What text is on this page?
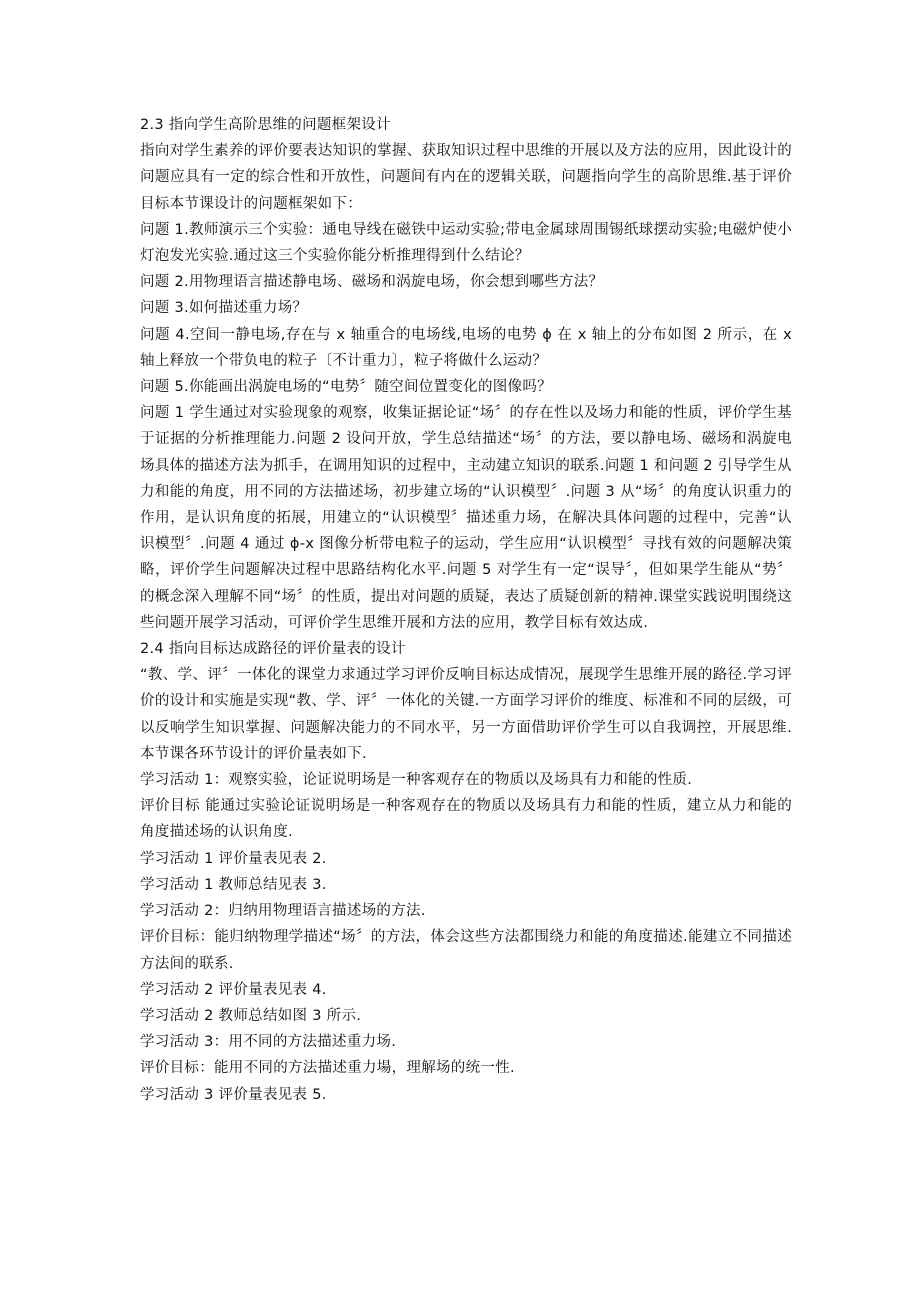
2.3 指向学生高阶思维的问题框架设计

指向对学生素养的评价要表达知识的掌握、获取知识过程中思维的开展以及方法的应用，因此设计的问题应具有一定的综合性和开放性，问题间有内在的逻辑关联，问题指向学生的高阶思维.基于评价目标本节课设计的问题框架如下：

问题 1.教师演示三个实验：通电导线在磁铁中运动实验;带电金属球周围锡纸球摆动实验;电磁炉使小灯泡发光实验.通过这三个实验你能分析推理得到什么结论？

问题 2.用物理语言描述静电场、磁场和涡旋电场，你会想到哪些方法？

问题 3.如何描述重力场？

问题 4.空间一静电场,存在与 x 轴重合的电场线,电场的电势 ϕ 在 x 轴上的分布如图 2 所示，在 x 轴上释放一个带负电的粒子〔不计重力〕，粒子将做什么运动？

问题 5.你能画出涡旋电场的“电势〞随空间位置变化的图像吗？

问题 1 学生通过对实验现象的观察，收集证据论证“场〞的存在性以及场力和能的性质，评价学生基于证据的分析推理能力.问题 2 设问开放，学生总结描述“场〞的方法，要以静电场、磁场和涡旋电场具体的描述方法为抓手，在调用知识的过程中，主动建立知识的联系.问题 1 和问题 2 引导学生从力和能的角度，用不同的方法描述场，初步建立场的“认识模型〞.问题 3 从“场〞的角度认识重力的作用，是认识角度的拓展，用建立的“认识模型〞描述重力场，在解决具体问题的过程中，完善“认识模型〞.问题 4 通过 ϕ-x 图像分析带电粒子的运动，学生应用“认识模型〞寻找有效的问题解决策略，评价学生问题解决过程中思路结构化水平.问题 5 对学生有一定“误导〞，但如果学生能从“势〞的概念深入理解不同“场〞的性质，提出对问题的质疑，表达了质疑创新的精神.课堂实践说明围绕这些问题开展学习活动，可评价学生思维开展和方法的应用，教学目标有效达成.

2.4 指向目标达成路径的评价量表的设计

“教、学、评〞一体化的课堂力求通过学习评价反响目标达成情况，展现学生思维开展的路径.学习评价的设计和实施是实现“教、学、评〞一体化的关键.一方面学习评价的维度、标准和不同的层级，可以反响学生知识掌握、问题解决能力的不同水平，另一方面借助评价学生可以自我调控，开展思维.本节课各环节设计的评价量表如下.

学习活动 1：观察实验，论证说明场是一种客观存在的物质以及场具有力和能的性质.

评价目标 能通过实验论证说明场是一种客观存在的物质以及场具有力和能的性质，建立从力和能的角度描述场的认识角度.

学习活动 1 评价量表见表 2.

学习活动 1 教师总结见表 3.

学习活动 2：归纳用物理语言描述场的方法.

评价目标：能归纳物理学描述“场〞的方法，体会这些方法都围绕力和能的角度描述.能建立不同描述方法间的联系.

学习活动 2 评价量表见表 4.

学习活动 2 教师总结如图 3 所示.

学习活动 3：用不同的方法描述重力场.

评价目标：能用不同的方法描述重力場，理解场的统一性.

学习活动 3 评价量表见表 5.
